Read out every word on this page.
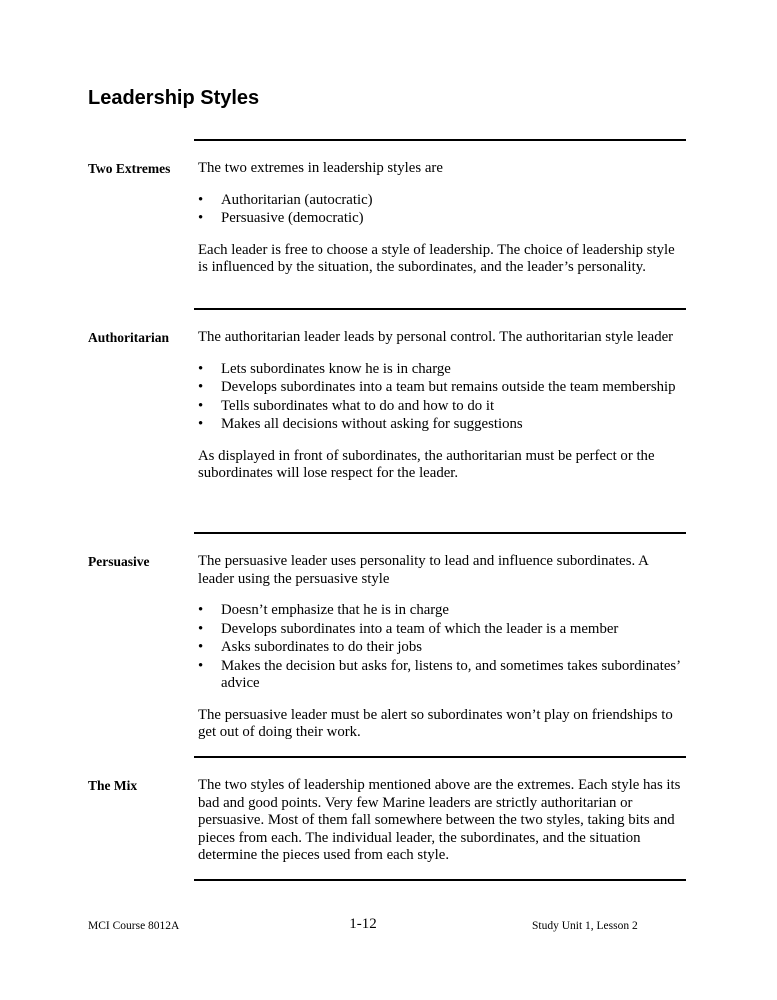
Leadership Styles
Two Extremes	The two extremes in leadership styles are

• Authoritarian (autocratic)
• Persuasive (democratic)

Each leader is free to choose a style of leadership. The choice of leadership style is influenced by the situation, the subordinates, and the leader’s personality.

Authoritarian	The authoritarian leader leads by personal control. The authoritarian style leader

• Lets subordinates know he is in charge
• Develops subordinates into a team but remains outside the team membership
• Tells subordinates what to do and how to do it
• Makes all decisions without asking for suggestions

As displayed in front of subordinates, the authoritarian must be perfect or the subordinates will lose respect for the leader.

Persuasive	The persuasive leader uses personality to lead and influence subordinates. A leader using the persuasive style

• Doesn’t emphasize that he is in charge
• Develops subordinates into a team of which the leader is a member
• Asks subordinates to do their jobs
• Makes the decision but asks for, listens to, and sometimes takes subordinates’ advice

The persuasive leader must be alert so subordinates won’t play on friendships to get out of doing their work.

The Mix	The two styles of leadership mentioned above are the extremes. Each style has its bad and good points. Very few Marine leaders are strictly authoritarian or persuasive. Most of them fall somewhere between the two styles, taking bits and pieces from each. The individual leader, the subordinates, and the situation determine the pieces used from each style.

MCI Course 8012A	1-12	Study Unit 1, Lesson 2
